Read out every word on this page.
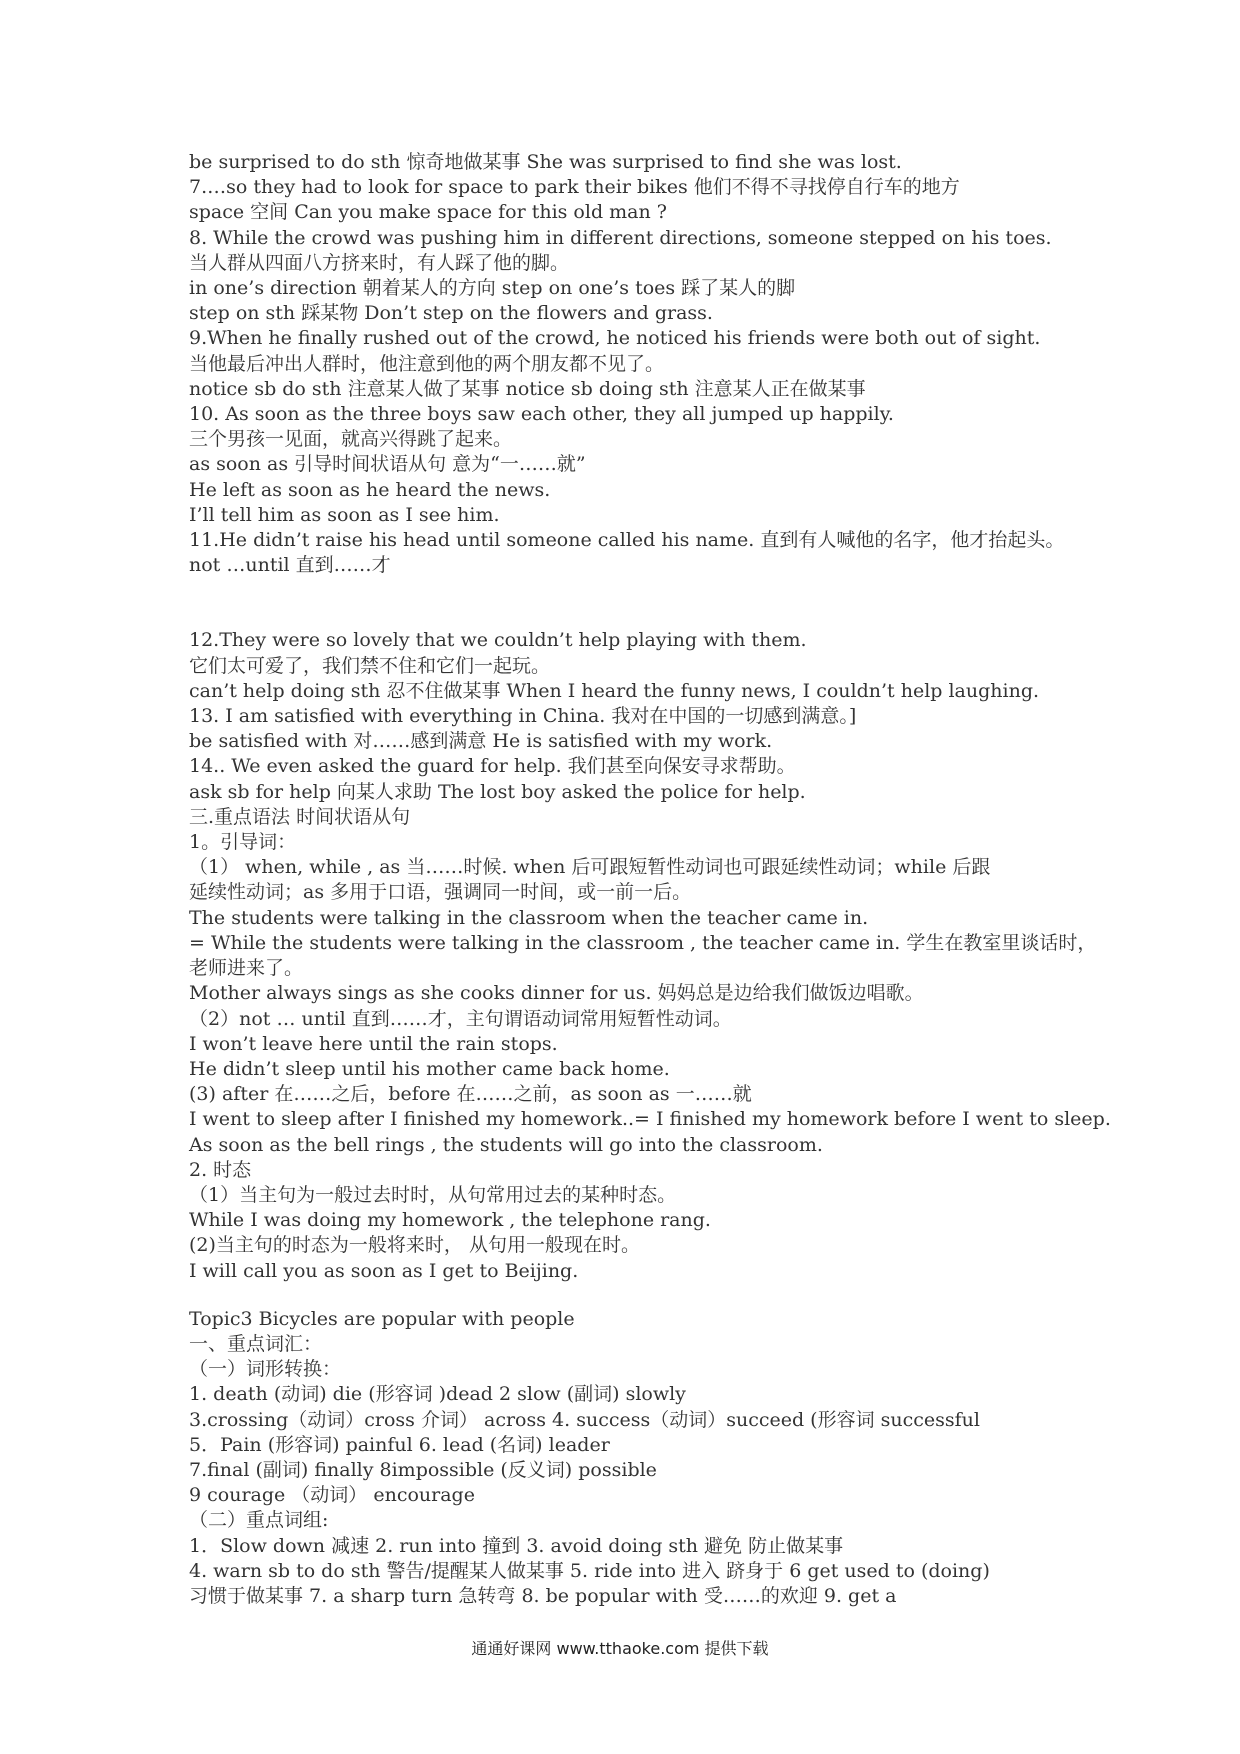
be surprised to do sth 惊奇地做某事 She was surprised to find she was lost.
7.…so they had to look for space to park their bikes 他们不得不寻找停自行车的地方
space 空间 Can you make space for this old man ?
8. While the crowd was pushing him in different directions, someone stepped on his toes.
当人群从四面八方挤来时，有人踩了他的脚。
in one’s direction 朝着某人的方向 step on one’s toes 踩了某人的脚
step on sth 踩某物 Don’t step on the flowers and grass.
9.When he finally rushed out of the crowd, he noticed his friends were both out of sight.
当他最后冲出人群时，他注意到他的两个朋友都不见了。
notice sb do sth 注意某人做了某事 notice sb doing sth 注意某人正在做某事
10. As soon as the three boys saw each other, they all jumped up happily.
三个男孩一见面，就高兴得跳了起来。
as soon as 引导时间状语从句 意为“一……就”
He left as soon as he heard the news.
I’ll tell him as soon as I see him.
11.He didn’t raise his head until someone called his name. 直到有人喊他的名字，他才抬起头。
not …until 直到……才
12.They were so lovely that we couldn’t help playing with them.
它们太可爱了，我们禁不住和它们一起玩。
can’t help doing sth 忍不住做某事 When I heard the funny news, I couldn’t help laughing.
13. I am satisfied with everything in China. 我对在中国的一切感到满意。]
be satisfied with 对……感到满意 He is satisfied with my work.
14.. We even asked the guard for help. 我们甚至向保安寻求帮助。
ask sb for help 向某人求助 The lost boy asked the police for help.
三.重点语法 时间状语从句
1。引导词：
（1） when, while , as 当……时候. when 后可跟短暂性动词也可跟延续性动词；while 后跟
延续性动词；as 多用于口语，强调同一时间，或一前一后。
The students were talking in the classroom when the teacher came in.
= While the students were talking in the classroom , the teacher came in. 学生在教室里谈话时，
老师进来了。
Mother always sings as she cooks dinner for us. 妈妈总是边给我们做饭边唱歌。
（2）not … until 直到……才，主句谓语动词常用短暂性动词。
I won’t leave here until the rain stops.
He didn’t sleep until his mother came back home.
(3) after 在……之后，before 在……之前，as soon as 一……就
I went to sleep after I finished my homework..= I finished my homework before I went to sleep.
As soon as the bell rings , the students will go into the classroom.
2. 时态
（1）当主句为一般过去时时，从句常用过去的某种时态。
While I was doing my homework , the telephone rang.
(2)当主句的时态为一般将来时， 从句用一般现在时。
I will call you as soon as I get to Beijing.
Topic3 Bicycles are popular with people
一、重点词汇：
（一）词形转换：
1. death (动词) die (形容词 )dead 2 slow (副词) slowly
3.crossing（动词）cross 介词） across 4. success（动词）succeed (形容词 successful
5．Pain (形容词) painful 6. lead (名词) leader
7.final (副词) finally 8impossible (反义词) possible
9 courage （动词） encourage
（二）重点词组:
1．Slow down 减速 2. run into 撞到 3. avoid doing sth 避免 防止做某事
4. warn sb to do sth 警告/提醒某人做某事 5. ride into 进入 跻身于 6 get used to (doing)
习惯于做某事 7. a sharp turn 急转弯 8. be popular with 受……的欢迎 9. get a
通通好课网 www.tthaoke.com 提供下载
